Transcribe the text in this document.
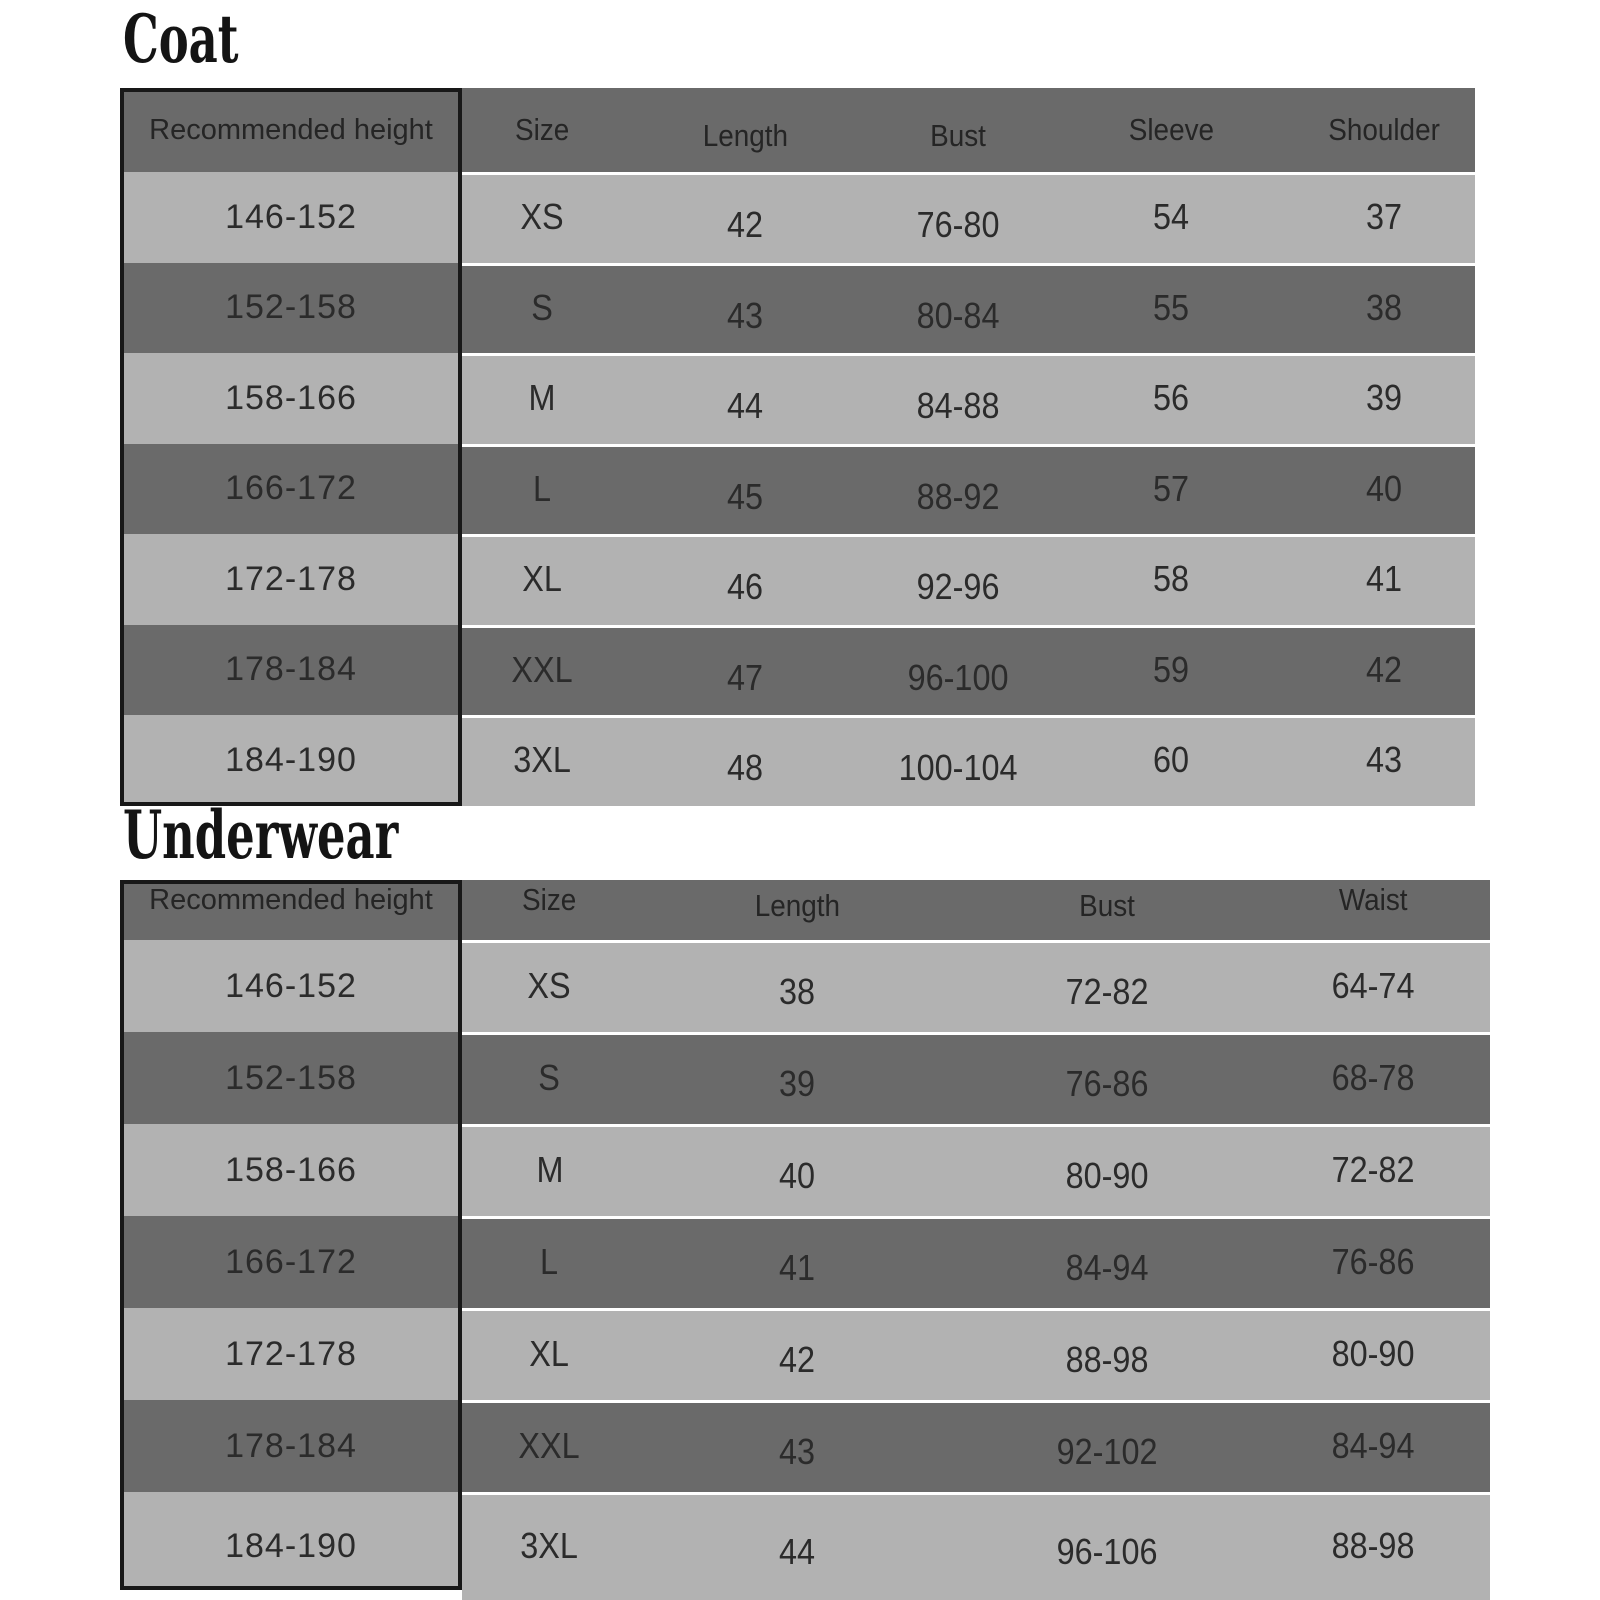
Coat
Recommended height	Size	Length	Bust	Sleeve	Shoulder
146-152	XS	42	76-80	54	37
152-158	S	43	80-84	55	38
158-166	M	44	84-88	56	39
166-172	L	45	88-92	57	40
172-178	XL	46	92-96	58	41
178-184	XXL	47	96-100	59	42
184-190	3XL	48	100-104	60	43
Underwear
Recommended height	Size	Length	Bust	Waist
146-152	XS	38	72-82	64-74
152-158	S	39	76-86	68-78
158-166	M	40	80-90	72-82
166-172	L	41	84-94	76-86
172-178	XL	42	88-98	80-90
178-184	XXL	43	92-102	84-94
184-190	3XL	44	96-106	88-98
